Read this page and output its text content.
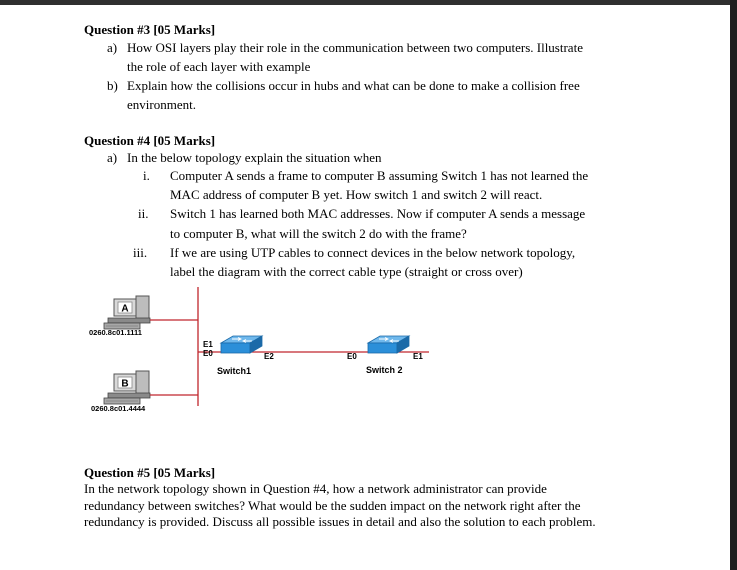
Question #3 [05 Marks]
a) How OSI layers play their role in the communication between two computers. Illustrate
the role of each layer with example
b) Explain how the collisions occur in hubs and what can be done to make a collision free
environment.
Question #4 [05 Marks]
a) In the below topology explain the situation when
i. Computer A sends a frame to computer B assuming Switch 1 has not learned the
MAC address of computer B yet. How switch 1 and switch 2 will react.
ii. Switch 1 has learned both MAC addresses. Now if computer A sends a message
to computer B, what will the switch 2 do with the frame?
iii. If we are using UTP cables to connect devices in the below network topology,
label the diagram with the correct cable type (straight or cross over)
A
0260.8c01.1111
B
0260.8c01.4444
E1
E0	E2
Switch1
E0	E1
Switch 2
Question #5 [05 Marks]
In the network topology shown in Question #4, how a network administrator can provide
redundancy between switches? What would be the sudden impact on the network right after the
redundancy is provided. Discuss all possible issues in detail and also the solution to each problem.
